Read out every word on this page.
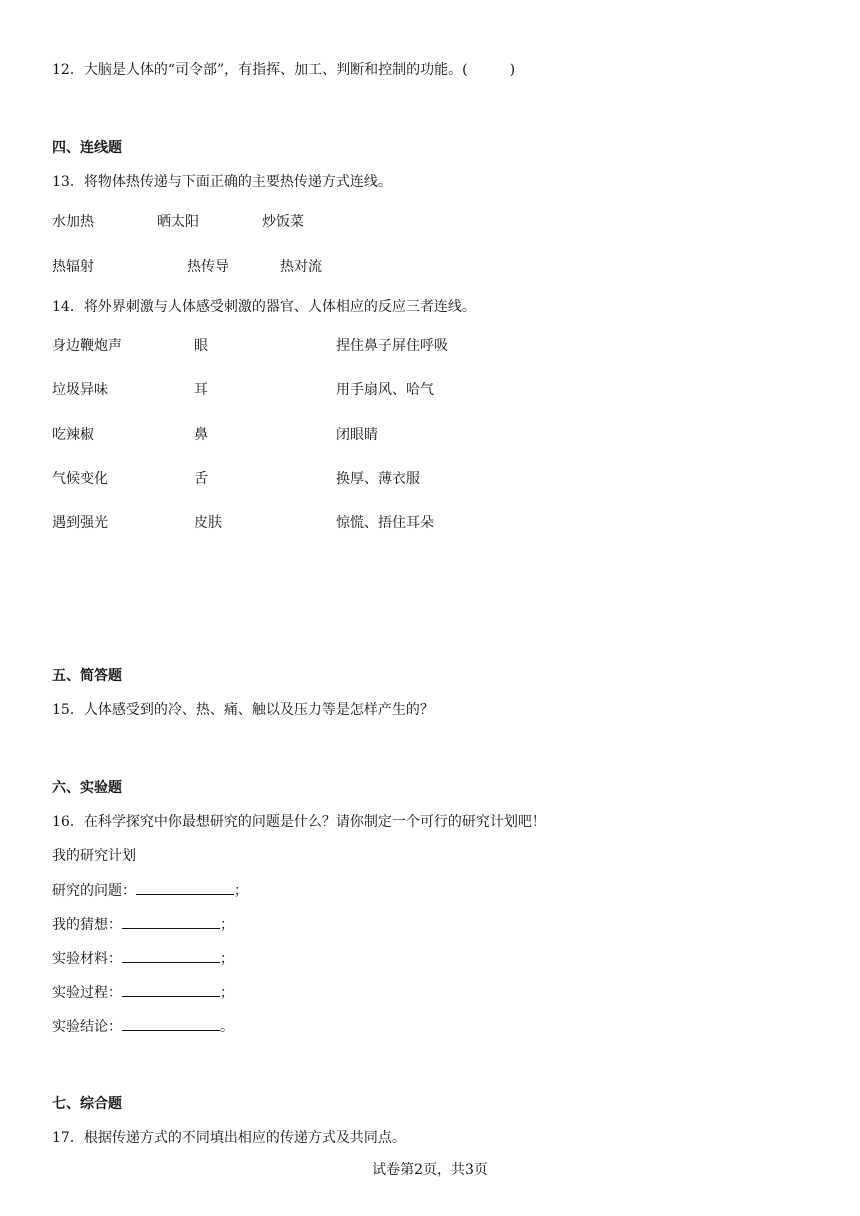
12．大脑是人体的“司令部”，有指挥、加工、判断和控制的功能。(　　　)
四、连线题
13．将物体热传递与下面正确的主要热传递方式连线。
水加热	晒太阳	炒饭菜
热辐射	热传导	热对流
14．将外界刺激与人体感受刺激的器官、人体相应的反应三者连线。
身边鞭炮声	眼	捏住鼻子屏住呼吸
垃圾异味	耳	用手扇风、哈气
吃辣椒	鼻	闭眼睛
气候变化	舌	换厚、薄衣服
遇到强光	皮肤	惊慌、捂住耳朵
五、简答题
15．人体感受到的冷、热、痛、触以及压力等是怎样产生的？
六、实验题
16．在科学探究中你最想研究的问题是什么？请你制定一个可行的研究计划吧！
我的研究计划
研究的问题：	；
我的猜想：	；
实验材料：	；
实验过程：	；
实验结论：	。
七、综合题
17．根据传递方式的不同填出相应的传递方式及共同点。
试卷第2页，共3页
